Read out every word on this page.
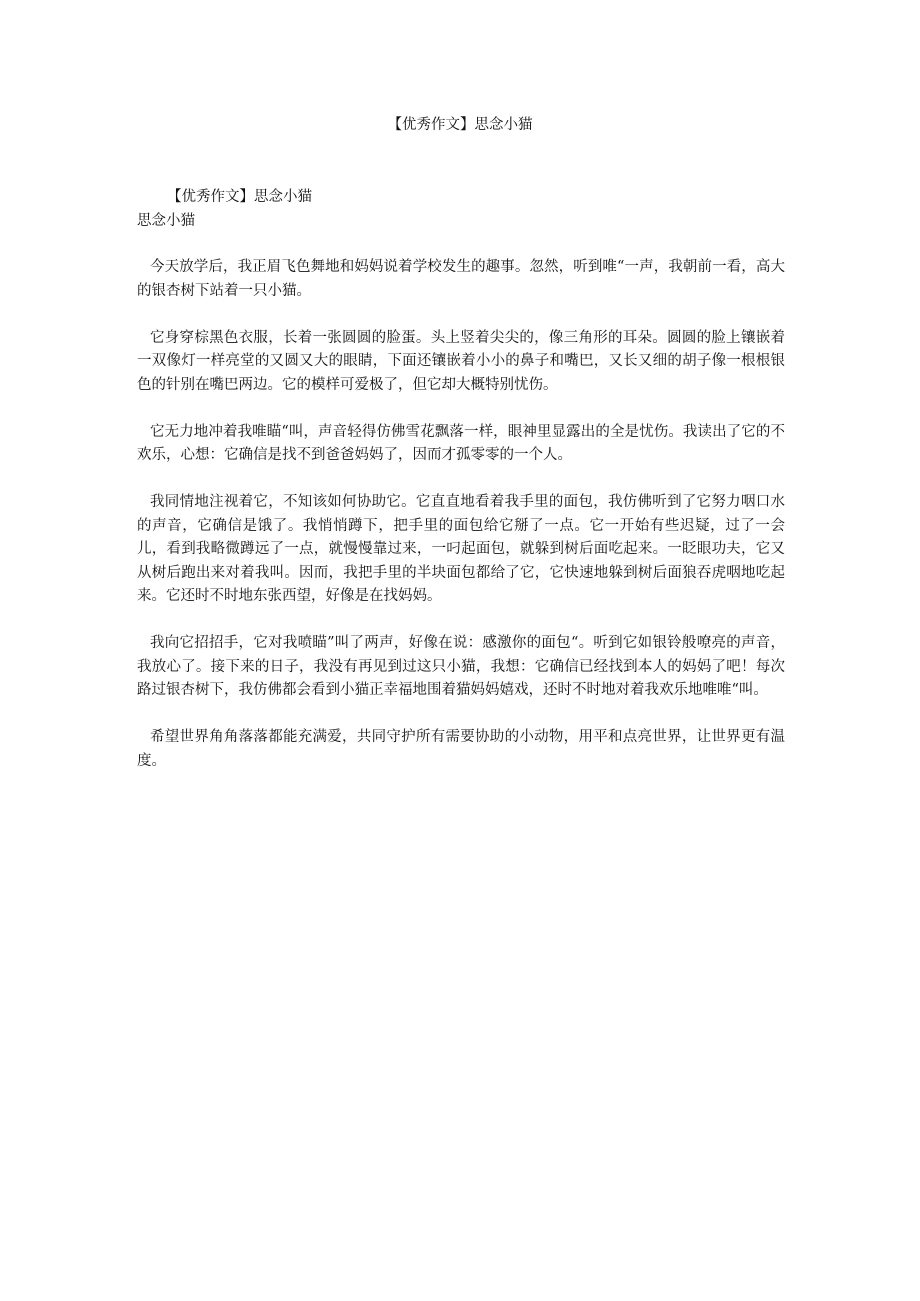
【优秀作文】思念小猫

【优秀作文】思念小猫

思念小猫

今天放学后，我正眉飞色舞地和妈妈说着学校发生的趣事。忽然，听到唯“一声，我朝前一看，高大的银杏树下站着一只小猫。

它身穿棕黑色衣服，长着一张圆圆的脸蛋。头上竖着尖尖的，像三角形的耳朵。圆圆的脸上镶嵌着一双像灯一样亮堂的又圆又大的眼睛，下面还镶嵌着小小的鼻子和嘴巴，又长又细的胡子像一根根银色的针别在嘴巴两边。它的模样可爱极了，但它却大概特别忧伤。

它无力地冲着我唯瞄“叫，声音轻得仿佛雪花飘落一样，眼神里显露出的全是忧伤。我读出了它的不欢乐，心想：它确信是找不到爸爸妈妈了，因而才孤零零的一个人。

我同情地注视着它，不知该如何协助它。它直直地看着我手里的面包，我仿佛听到了它努力咽口水的声音，它确信是饿了。我悄悄蹲下，把手里的面包给它掰了一点。它一开始有些迟疑，过了一会儿，看到我略微蹲远了一点，就慢慢靠过来，一叼起面包，就躲到树后面吃起来。一眨眼功夫，它又从树后跑出来对着我叫。因而，我把手里的半块面包都给了它，它快速地躲到树后面狼吞虎咽地吃起来。它还时不时地东张西望，好像是在找妈妈。

我向它招招手，它对我喷瞄”叫了两声，好像在说：感激你的面包“。听到它如银铃般嘹亮的声音，我放心了。接下来的日子，我没有再见到过这只小猫，我想：它确信已经找到本人的妈妈了吧！每次路过银杏树下，我仿佛都会看到小猫正幸福地围着猫妈妈嬉戏，还时不时地对着我欢乐地唯唯“叫。

希望世界角角落落都能充满爱，共同守护所有需要协助的小动物，用平和点亮世界，让世界更有温度。
